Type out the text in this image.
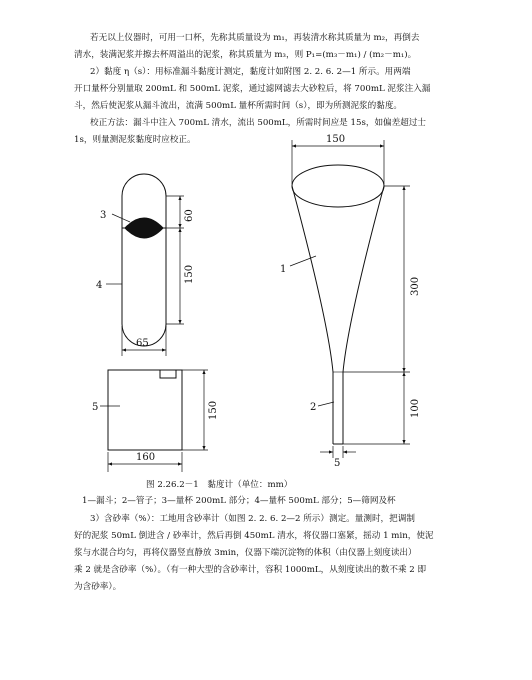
若无以上仪器时，可用一口杯，先称其质量设为 m₁，再装清水称其质量为 m₂，再倒去

清水，装满泥浆并擦去杯周溢出的泥浆，称其质量为 m₃，则 P₁=(m₃－m₁) / (m₂－m₁)。

2）黏度 η（s）：用标准漏斗黏度计测定，黏度计如附图 2. 2. 6. 2—1 所示。用两端

开口量杯分别量取 200mL 和 500mL 泥浆，通过滤网滤去大砂粒后，将 700mL 泥浆注入漏

斗，然后使泥浆从漏斗流出，流满 500mL 量杯所需时间（s），即为所测泥浆的黏度。

校正方法：漏斗中注入 700mL 清水，流出 500mL，所需时间应是 15s，如偏差超过士

1s，则量测泥浆黏度时应校正。

3
4
5
1
2
150
60
150
65
300
100
150
160
5
图 2.26.2－1　黏度计（单位：mm）
1—漏斗；2—管子；3—量杯 200mL 部分；4—量杯 500mL 部分；5—筛网及杯

3）含砂率（%）：工地用含砂率计（如图 2. 2. 6. 2—2 所示）测定。量测时，把调制

好的泥浆 50mL 倒进含 / 砂率计，然后再倒 450mL 清水，将仪器口塞紧，摇动 1 min，使泥

浆与水混合均匀，再将仪器竖直静放 3min，仪器下端沉淀物的体积（由仪器上刻度读出）

乘 2 就是含砂率（%）。（有一种大型的含砂率计，容积 1000mL，从刻度读出的数不乘 2 即

为含砂率）。
